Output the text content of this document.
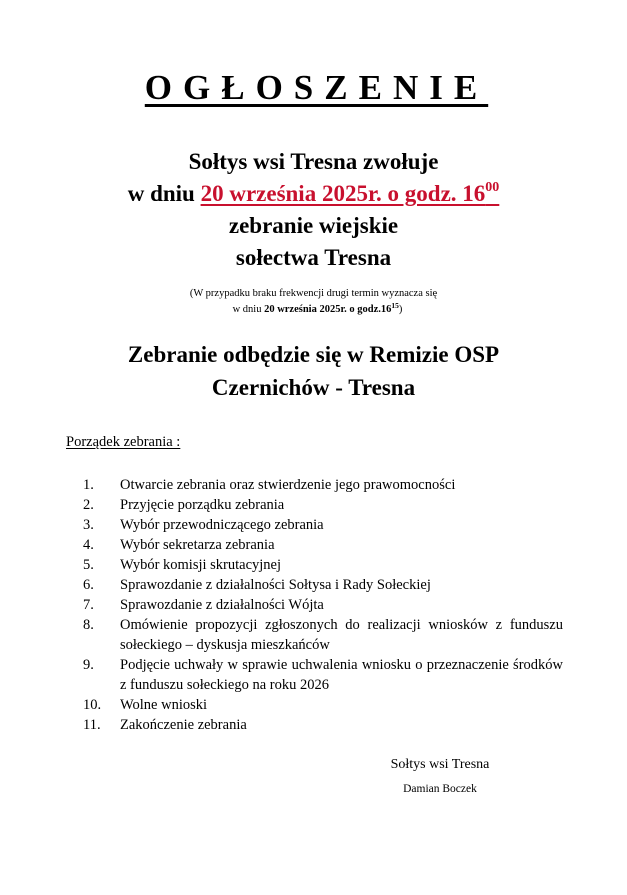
OGŁOSZENIE
Sołtys wsi Tresna zwołuje
w dniu 20 września 2025r. o godz. $16^{00}$
zebranie wiejskie
sołectwa Tresna
(W przypadku braku frekwencji drugi termin wyznacza się
w dniu 20 września 2025r. o $godz.16^{15}$)
Zebranie odbędzie się w Remizie OSP
Czernichów - Tresna
Porządek zebrania :
1.	Otwarcie zebrania oraz stwierdzenie jego prawomocności
2.	Przyjęcie porządku zebrania
3.	Wybór przewodniczącego zebrania
4.	Wybór sekretarza zebrania
5.	Wybór komisji skrutacyjnej
6.	Sprawozdanie z działalności Sołtysa i Rady Sołeckiej
7.	Sprawozdanie z działalności Wójta
8.	Omówienie propozycji zgłoszonych do realizacji wniosków z funduszu sołeckiego – dyskusja mieszkańców
9.	Podjęcie uchwały w sprawie uchwalenia wniosku o przeznaczenie środków z funduszu sołeckiego na roku 2026
10.	Wolne wnioski
11.	Zakończenie zebrania
Sołtys wsi Tresna
Damian Boczek
